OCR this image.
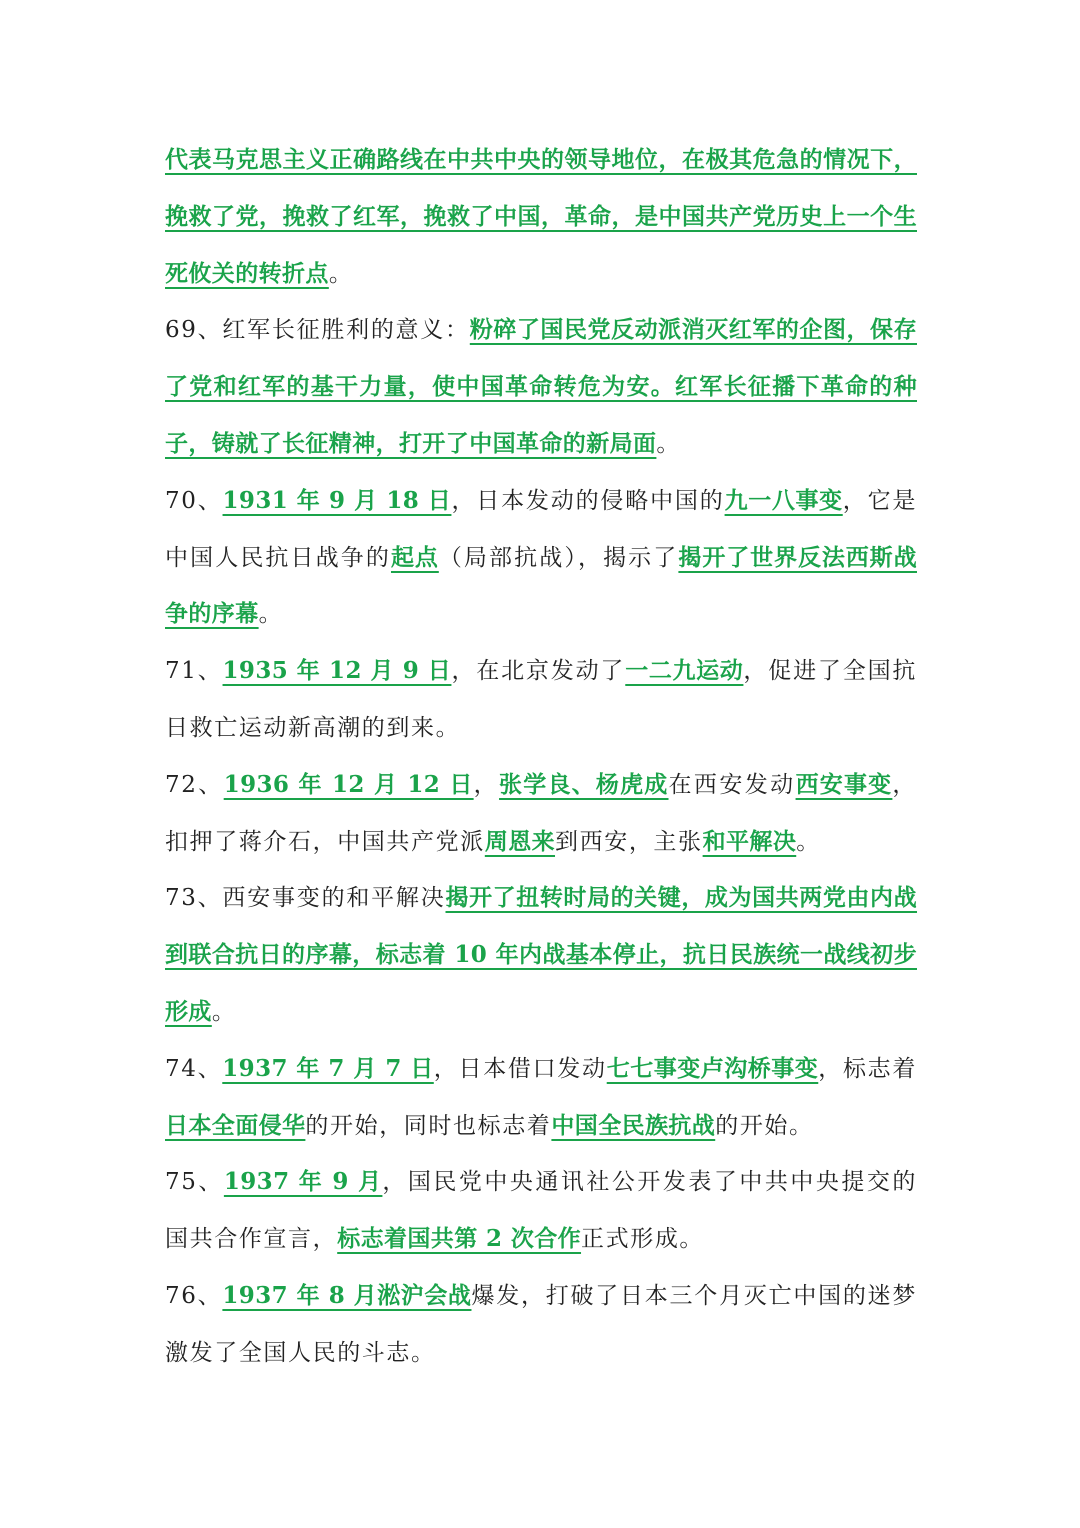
代表马克思主义正确路线在中共中央的领导地位，在极其危急的情况下，挽救了党，挽救了红军，挽救了中国，革命，是中国共产党历史上一个生死攸关的转折点。

69、红军长征胜利的意义：粉碎了国民党反动派消灭红军的企图，保存了党和红军的基干力量，使中国革命转危为安。红军长征播下革命的种子，铸就了长征精神，打开了中国革命的新局面。

70、1931 年 9 月 18 日，日本发动的侵略中国的九一八事变，它是中国人民抗日战争的起点（局部抗战），揭示了揭开了世界反法西斯战争的序幕。

71、1935 年 12 月 9 日，在北京发动了一二九运动，促进了全国抗日救亡运动新高潮的到来。

72、1936 年 12 月 12 日，张学良、杨虎成在西安发动西安事变，扣押了蒋介石，中国共产党派周恩来到西安，主张和平解决。

73、西安事变的和平解决揭开了扭转时局的关键，成为国共两党由内战到联合抗日的序幕，标志着 10 年内战基本停止，抗日民族统一战线初步形成。

74、1937 年 7 月 7 日，日本借口发动七七事变卢沟桥事变，标志着日本全面侵华的开始，同时也标志着中国全民族抗战的开始。

75、1937 年 9 月，国民党中央通讯社公开发表了中共中央提交的国共合作宣言，标志着国共第 2 次合作正式形成。

76、1937 年 8 月淞沪会战爆发，打破了日本三个月灭亡中国的迷梦激发了全国人民的斗志。
